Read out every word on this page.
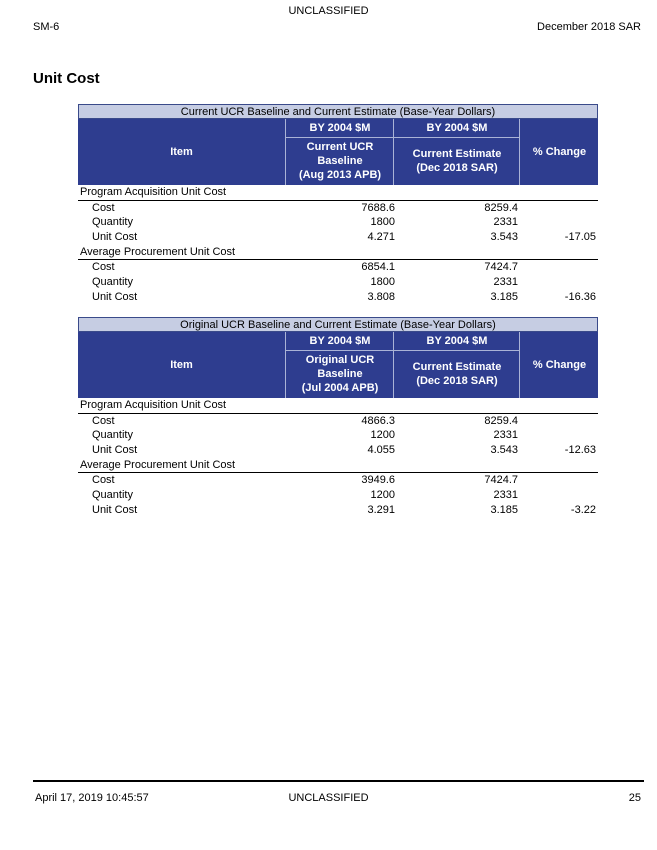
UNCLASSIFIED
SM-6	December 2018 SAR
Unit Cost
Current UCR Baseline and Current Estimate (Base-Year Dollars)
Item
BY 2004 $M	BY 2004 $M
Current UCR
Baseline
(Aug 2013 APB)
Current Estimate
(Dec 2018 SAR)
% Change
Program Acquisition Unit Cost
Cost	7688.6	8259.4
Quantity	1800	2331
Unit Cost	4.271	3.543	-17.05
Average Procurement Unit Cost
Cost	6854.1	7424.7
Quantity	1800	2331
Unit Cost	3.808	3.185	-16.36
Original UCR Baseline and Current Estimate (Base-Year Dollars)
Item
BY 2004 $M	BY 2004 $M
Original UCR
Baseline
(Jul 2004 APB)
Current Estimate
(Dec 2018 SAR)
% Change
Program Acquisition Unit Cost
Cost	4866.3	8259.4
Quantity	1200	2331
Unit Cost	4.055	3.543	-12.63
Average Procurement Unit Cost
Cost	3949.6	7424.7
Quantity	1200	2331
Unit Cost	3.291	3.185	-3.22
April 17, 2019 10:45:57	UNCLASSIFIED	25
